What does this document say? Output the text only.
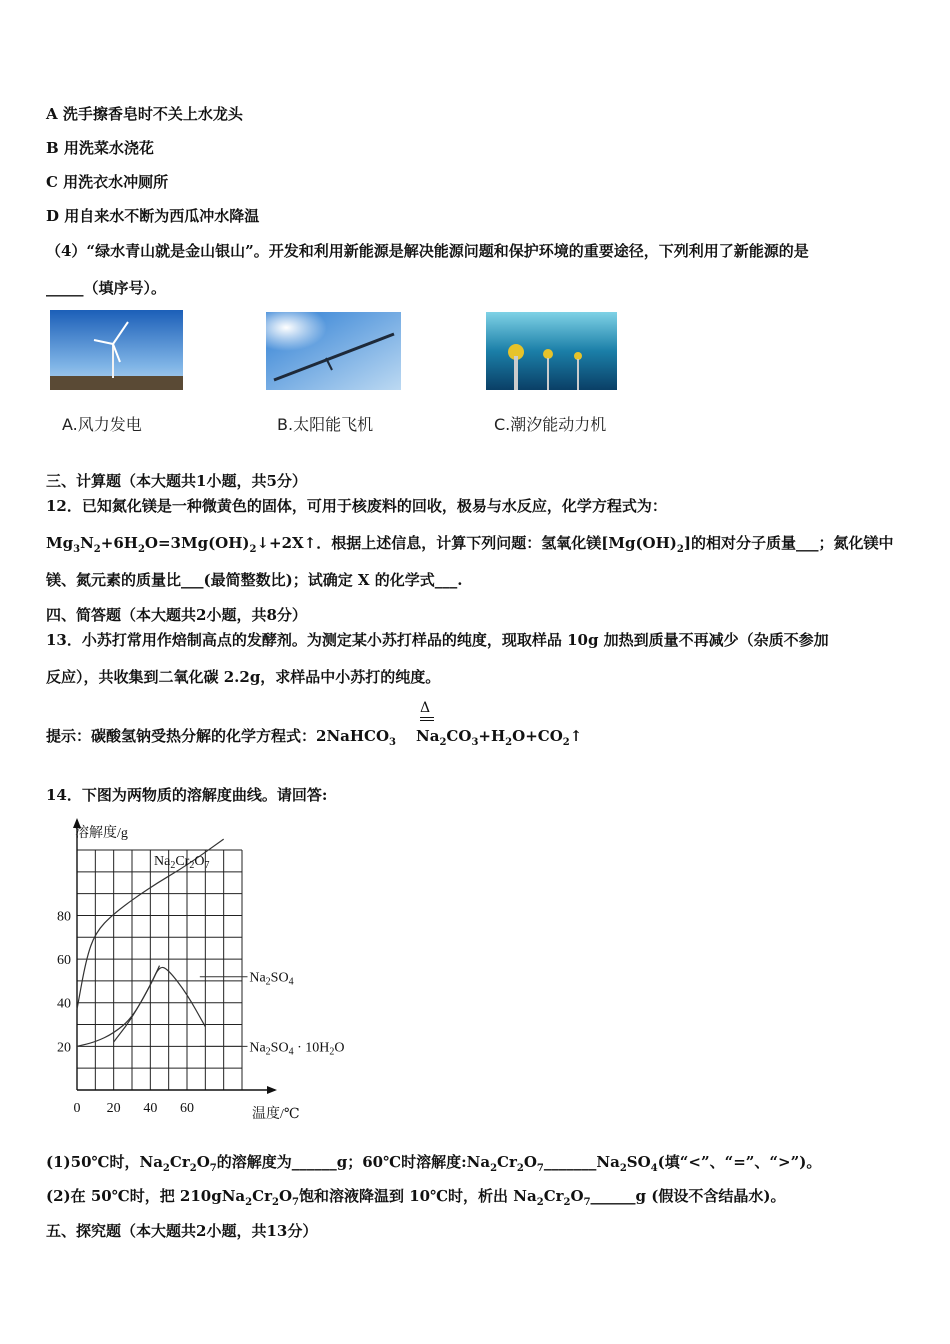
A 洗手擦香皂时不关上水龙头
B 用洗菜水浇花
C 用洗衣水冲厕所
D 用自来水不断为西瓜冲水降温
（4）“绿水青山就是金山银山”。开发和利用新能源是解决能源问题和保护环境的重要途径，下列利用了新能源的是
_____（填序号）。
A.风力发电	B.太阳能飞机	C.潮汐能动力机
三、计算题（本大题共1小题，共5分）
12．已知氮化镁是一种微黄色的固体，可用于核废料的回收，极易与水反应，化学方程式为：
$Mg_3N_2+6H_2O=3Mg(OH)_2↓+2X↑$．根据上述信息，计算下列问题：氢氧化镁$[Mg(OH)_2]$的相对分子质量___；氮化镁中
镁、氮元素的质量比___(最简整数比)；试确定 X 的化学式___.
四、简答题（本大题共2小题，共8分）
13．小苏打常用作焙制高点的发酵剂。为测定某小苏打样品的纯度，现取样品 10g 加热到质量不再减少（杂质不参加
反应），共收集到二氧化碳 2.2g，求样品中小苏打的纯度。
Δ
提示：碳酸氢钠受热分解的化学方程式：2NaHCO$_3$ $Na_2CO_3+H_2O+CO_2↑$
14．下图为两物质的溶解度曲线。请回答:
0 20 40 60
20
40
60
80
溶解度/g
温度/℃
$Na_2Cr_2O_7$
$Na_2SO_4$
$Na_2SO_4 \cdot 10H_2O$
(1)50℃时，$Na_2Cr_2O_7$的溶解度为______g；60℃时溶解度$:Na_2Cr_2O_7\_\_\_\_\_\_\_Na_2SO_4$(填“<”、“=”、“>”)。
(2)在 50℃时，把 $210gNa_2Cr_2O_7$饱和溶液降温到 10℃时，析出 $Na_2Cr_2O_7\_\_\_\_\_\_g$ (假设不含结晶水)。
五、探究题（本大题共2小题，共13分）
